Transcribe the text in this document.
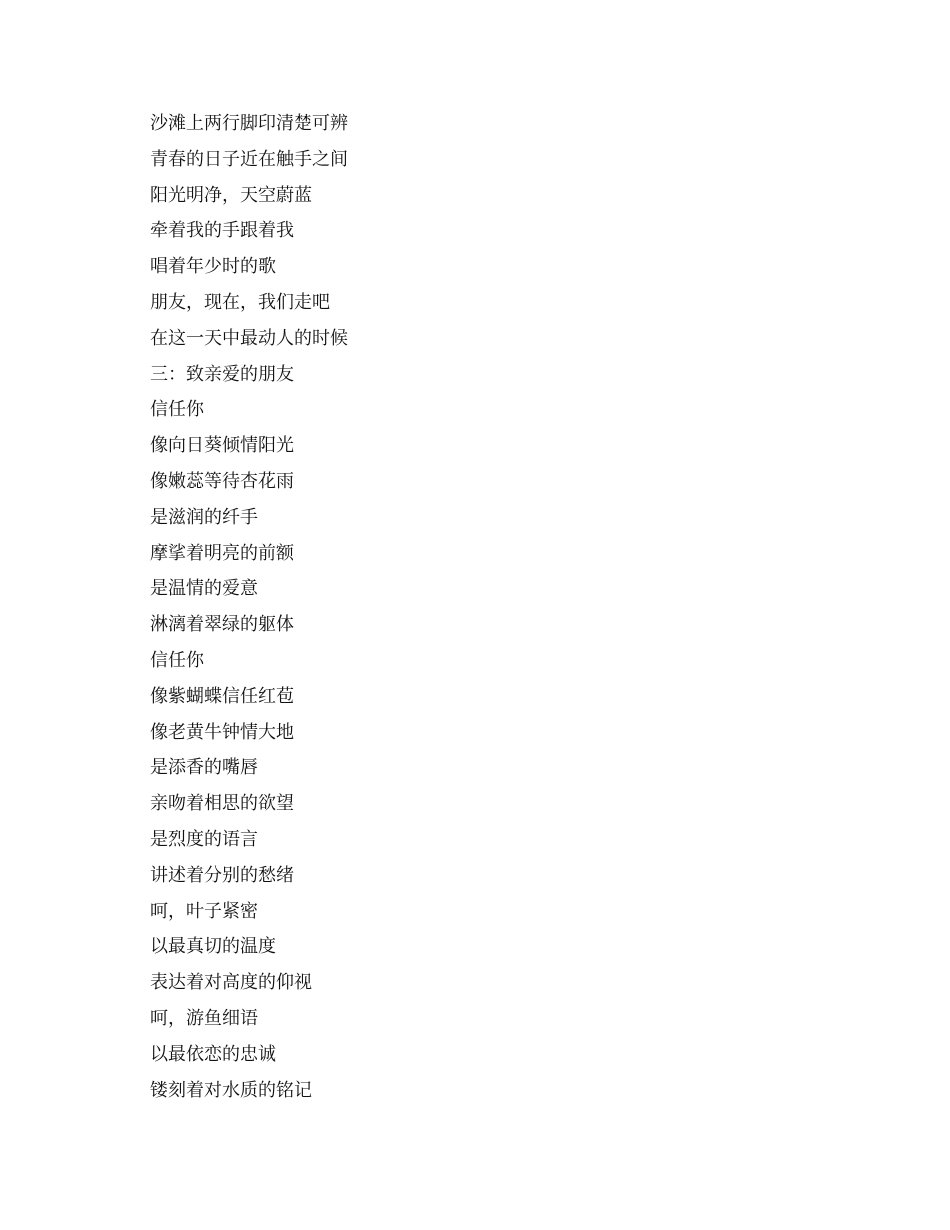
沙滩上两行脚印清楚可辨
青春的日子近在触手之间
阳光明净，天空蔚蓝
牵着我的手跟着我
唱着年少时的歌
朋友，现在，我们走吧
在这一天中最动人的时候
三：致亲爱的朋友
信任你
像向日葵倾情阳光
像嫩蕊等待杏花雨
是滋润的纤手
摩挲着明亮的前额
是温情的爱意
淋漓着翠绿的躯体
信任你
像紫蝴蝶信任红苞
像老黄牛钟情大地
是添香的嘴唇
亲吻着相思的欲望
是烈度的语言
讲述着分别的愁绪
呵，叶子紧密
以最真切的温度
表达着对高度的仰视
呵，游鱼细语
以最依恋的忠诚
镂刻着对水质的铭记
